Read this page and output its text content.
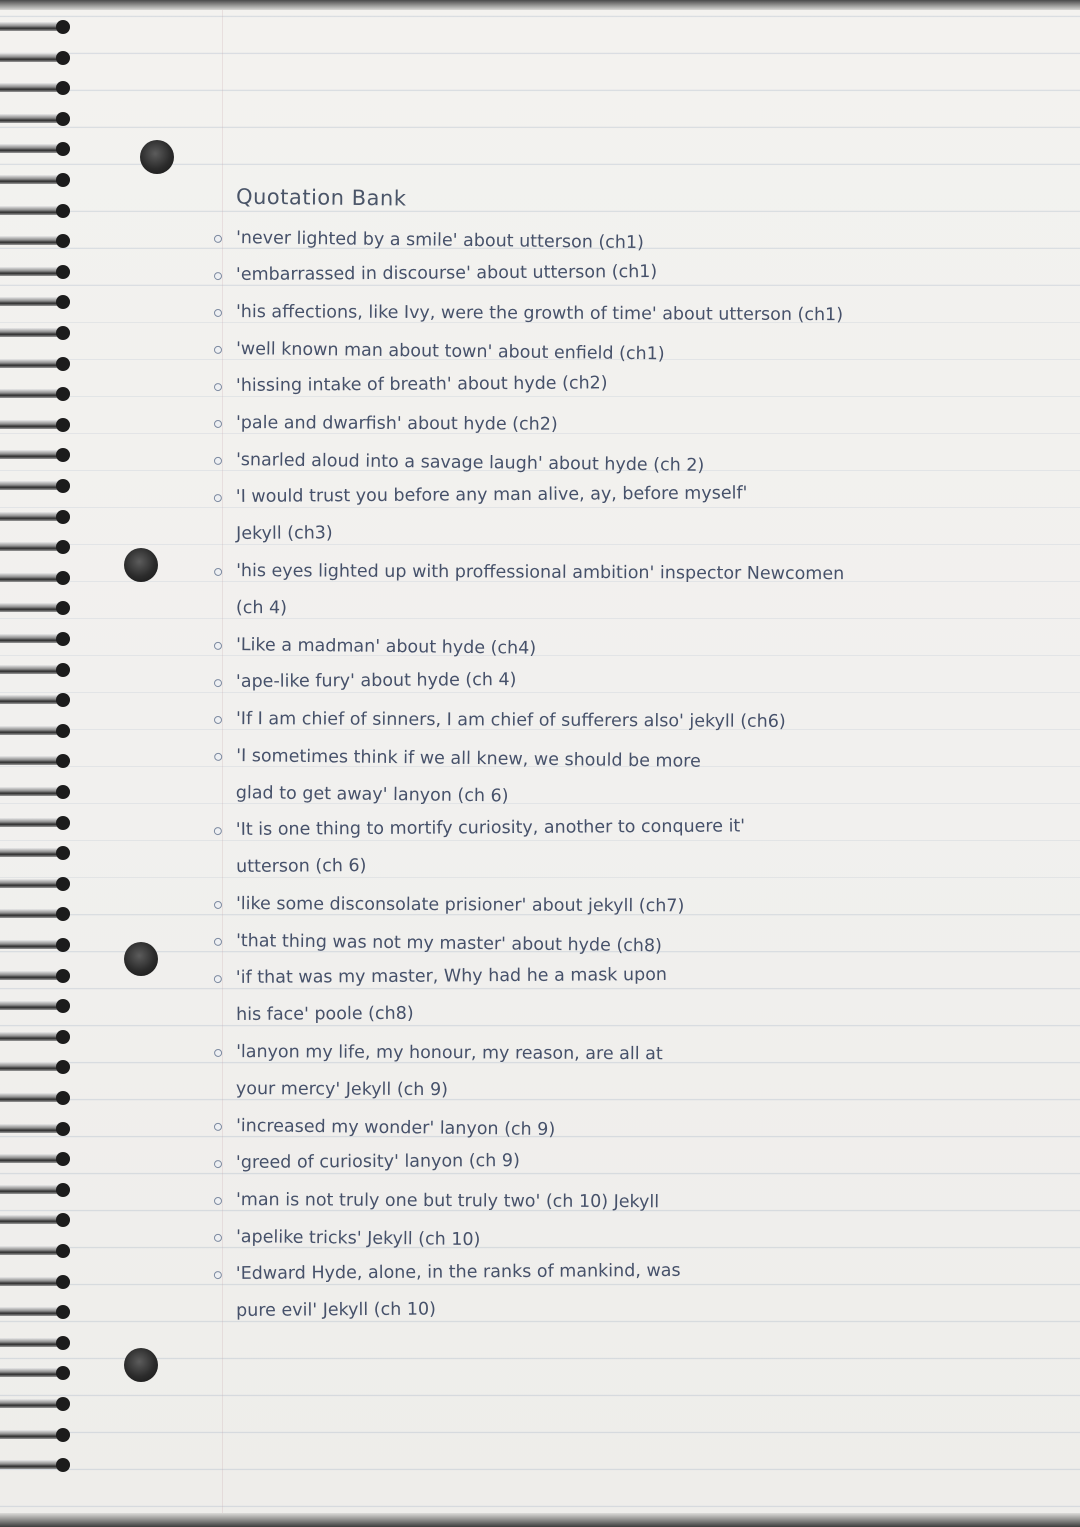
Quotation Bank
'never lighted by a smile' about utterson (ch1)
'embarrassed in discourse' about utterson (ch1)
'his affections, like Ivy, were the growth of time' about utterson (ch1)
'well known man about town' about enfield (ch1)
'hissing intake of breath' about hyde (ch2)
'pale and dwarfish' about hyde (ch2)
'snarled aloud into a savage laugh' about hyde (ch 2)
'I would trust you before any man alive, ay, before myself'
Jekyll (ch3)
'his eyes lighted up with proffessional ambition' inspector Newcomen
(ch 4)
'Like a madman' about hyde (ch4)
'ape-like fury' about hyde (ch 4)
'If I am chief of sinners, I am chief of sufferers also' jekyll (ch6)
'I sometimes think if we all knew, we should be more
glad to get away' lanyon (ch 6)
'It is one thing to mortify curiosity, another to conquere it'
utterson (ch 6)
'like some disconsolate prisioner' about jekyll (ch7)
'that thing was not my master' about hyde (ch8)
'if that was my master, Why had he a mask upon
his face' poole (ch8)
'lanyon my life, my honour, my reason, are all at
your mercy' Jekyll (ch 9)
'increased my wonder' lanyon (ch 9)
'greed of curiosity' lanyon (ch 9)
'man is not truly one but truly two' (ch 10) Jekyll
'apelike tricks' Jekyll (ch 10)
'Edward Hyde, alone, in the ranks of mankind, was
pure evil' Jekyll (ch 10)
